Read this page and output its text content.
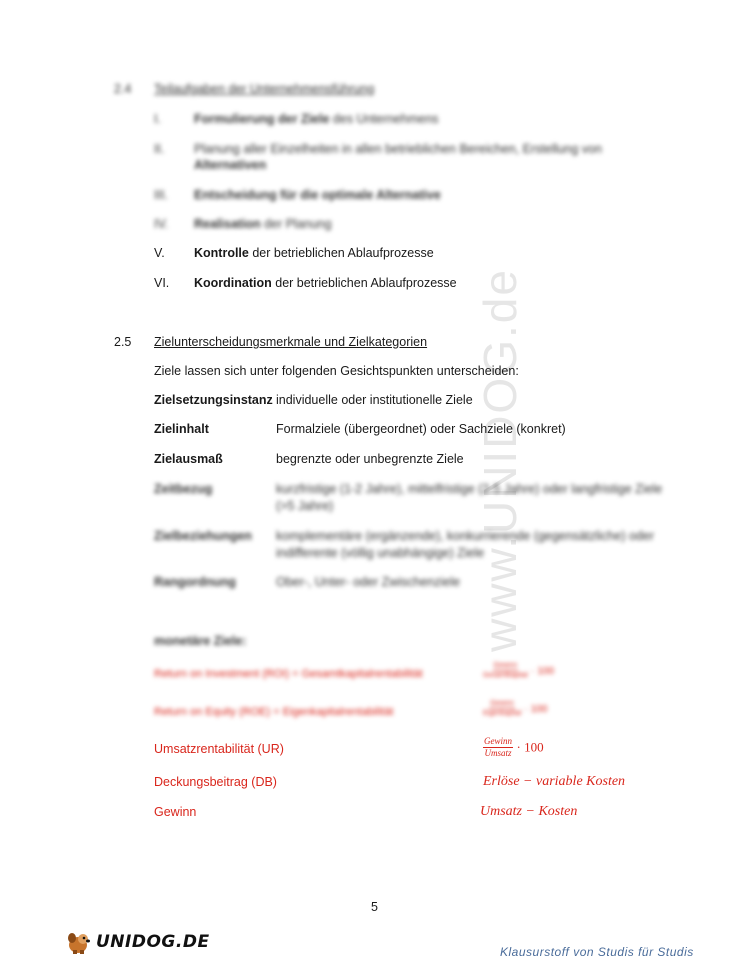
www.UNIDOG.de
2.4 Teilaufgaben der Unternehmensführung
I.	Formulierung der Ziele des Unternehmens
II. Planung aller Einzelheiten in allen betrieblichen Bereichen, Erstellung von
Alternativen
III. Entscheidung für die optimale Alternative
IV. Realisation der Planung
V. Kontrolle der betrieblichen Ablaufprozesse
VI. Koordination der betrieblichen Ablaufprozesse
2.5 Zielunterscheidungsmerkmale und Zielkategorien
Ziele lassen sich unter folgenden Gesichtspunkten unterscheiden:
Zielsetzungsinstanz individuelle oder institutionelle Ziele
Zielinhalt	Formalziele (übergeordnet) oder Sachziele (konkret)
Zielausmaß	begrenzte oder unbegrenzte Ziele
Zeitbezug	kurzfristige (1-2 Jahre), mittelfristige (2-5 Jahre) oder langfristige Ziele
(>5 Jahre)
Zielbeziehungen komplementäre (ergänzende), konkurrierende (gegensätzliche) oder
indifferente (völlig unabhängige) Ziele
Rangordnung	Ober-, Unter- oder Zwischenziele
monetäre Ziele:
Return on Investment (ROI) = Gesamtkapitalrentabilität	$\frac{\text{Gewinn}}{\text{Gesamtkapital}} \cdot 100$
Return on Equity (ROE) = Eigenkapitalrentabilität	$\frac{\text{Gewinn}}{\text{Eigenkapital}} \cdot 100$
Umsatzrentabilität (UR)	$\frac{\text{Gewinn}}{\text{Umsatz}} \cdot 100$
Deckungsbeitrag (DB)	Erlöse − variable Kosten
Gewinn	Umsatz − Kosten
5
UNIDOG.DE	Klausurstoff von Studis für Studis
